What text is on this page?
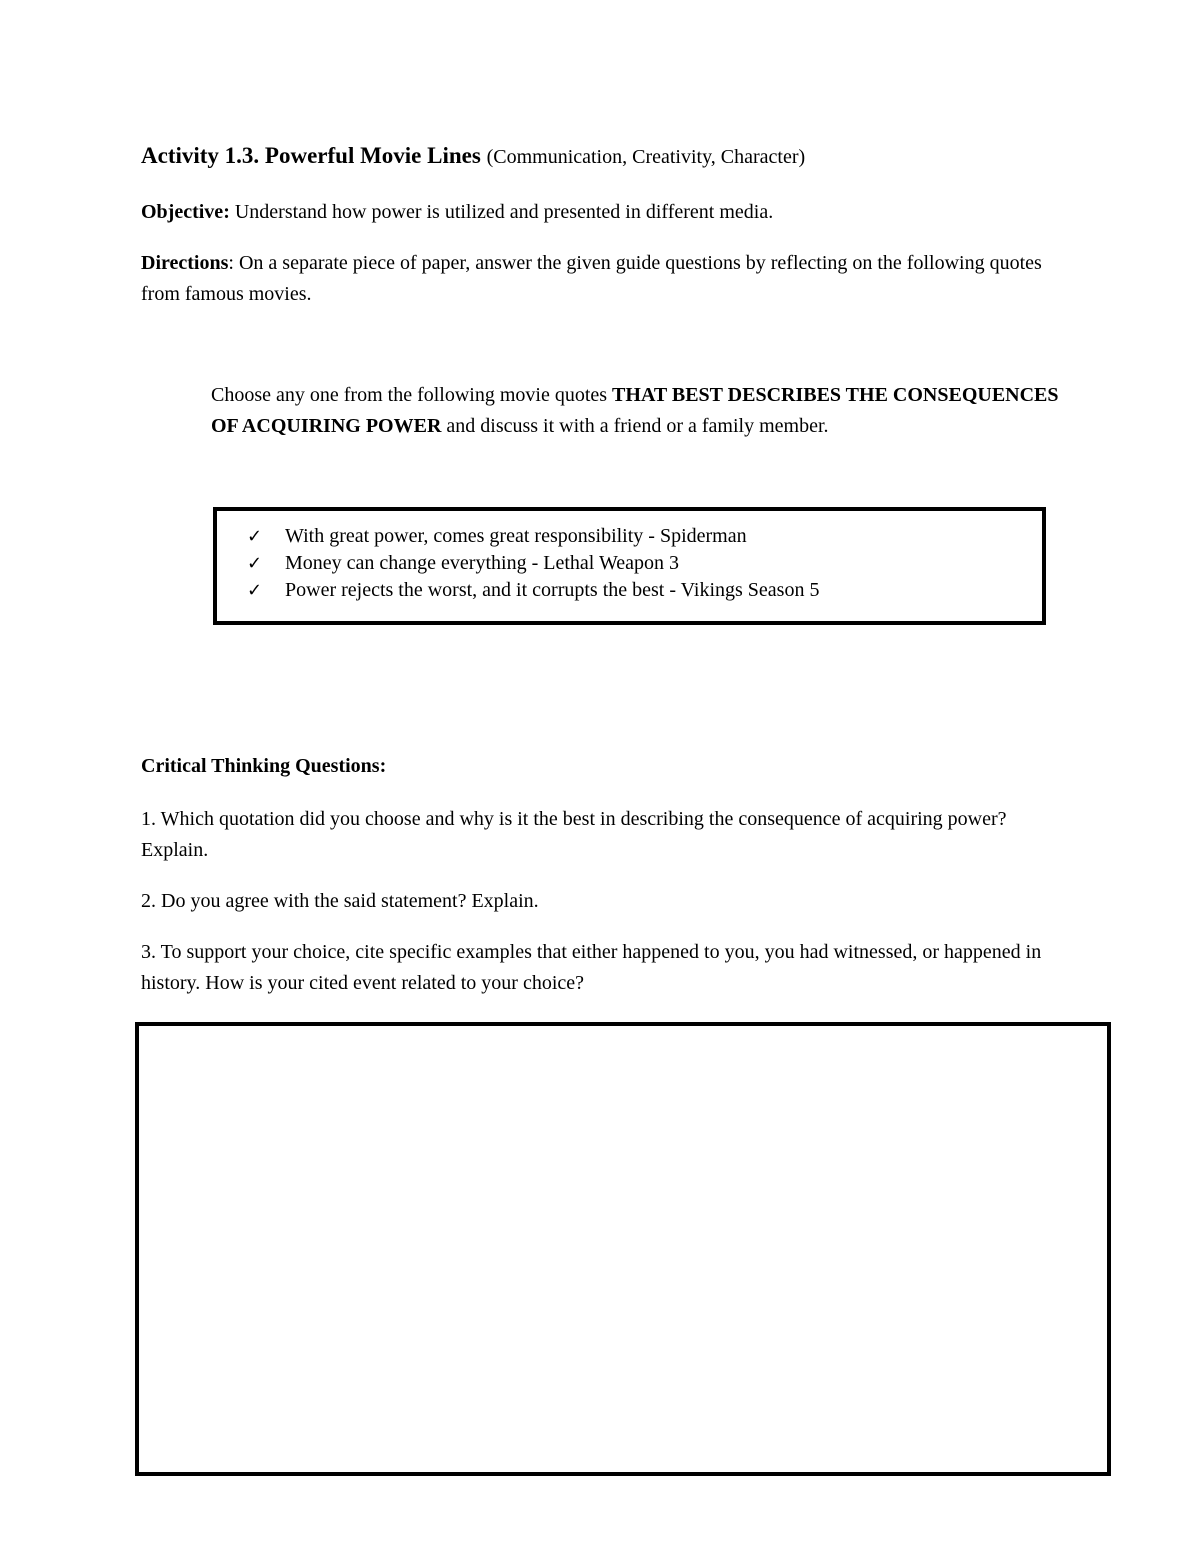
Activity 1.3. Powerful Movie Lines (Communication, Creativity, Character)
Objective: Understand how power is utilized and presented in different media.
Directions: On a separate piece of paper, answer the given guide questions by reflecting on the following quotes from famous movies.
Choose any one from the following movie quotes THAT BEST DESCRIBES THE CONSEQUENCES OF ACQUIRING POWER and discuss it with a friend or a family member.
✓ With great power, comes great responsibility - Spiderman
✓ Money can change everything - Lethal Weapon 3
✓ Power rejects the worst, and it corrupts the best - Vikings Season 5
Critical Thinking Questions:
1. Which quotation did you choose and why is it the best in describing the consequence of acquiring power? Explain.
2. Do you agree with the said statement? Explain.
3. To support your choice, cite specific examples that either happened to you, you had witnessed, or happened in history. How is your cited event related to your choice?
